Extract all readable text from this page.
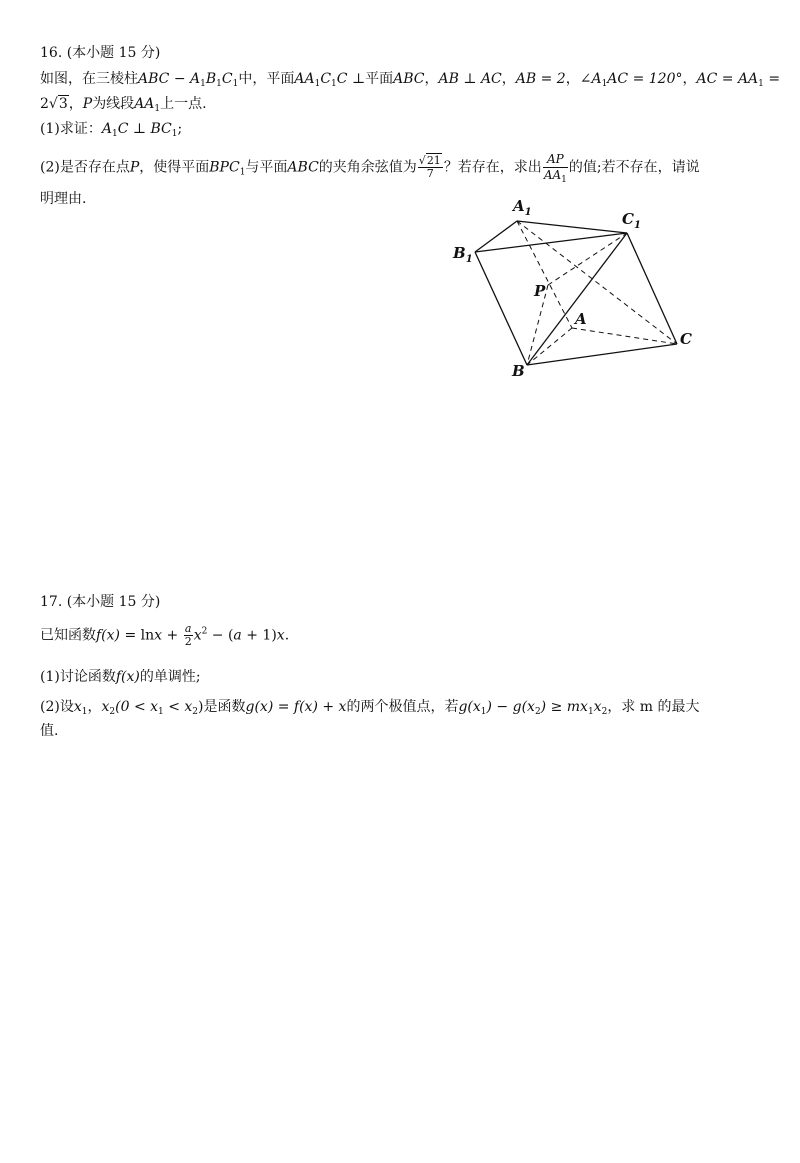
16. (本小题 15 分)
如图，在三棱柱ABC − $A_1B_1C_1$中，平面$AA_1C_1C$ ⊥平面ABC，AB ⊥ AC，AB = 2，$\angle A_1AC = 120^\circ$，AC = $AA_1$ =
2√3，P为线段$AA_1$上一点.
(1)求证：$A_1C$ ⊥ $BC_1$;
(2)是否存在点P，使得平面$BPC_1$与平面ABC的夹角余弦值为 $\frac{√21}{7}$ ？若存在，求出 $\frac{AP}{AA_1}$ 的值;若不存在，请说
明理由.	$A_1$	$C_1$
$B_1$
P
A
C
B
17. (本小题 15 分)
已知函数$f(x) = \ln x + \frac{a}{2} x^2 - (a + 1)x$.
(1)讨论函数f(x)的单调性;
(2)设$x_1$，$x_2(0 < x_1 < x_2)$是函数g(x) = f(x) + x的两个极值点，若$g(x_1) - g(x_2) \ge mx_1x_2$，求 m 的最大
值.
